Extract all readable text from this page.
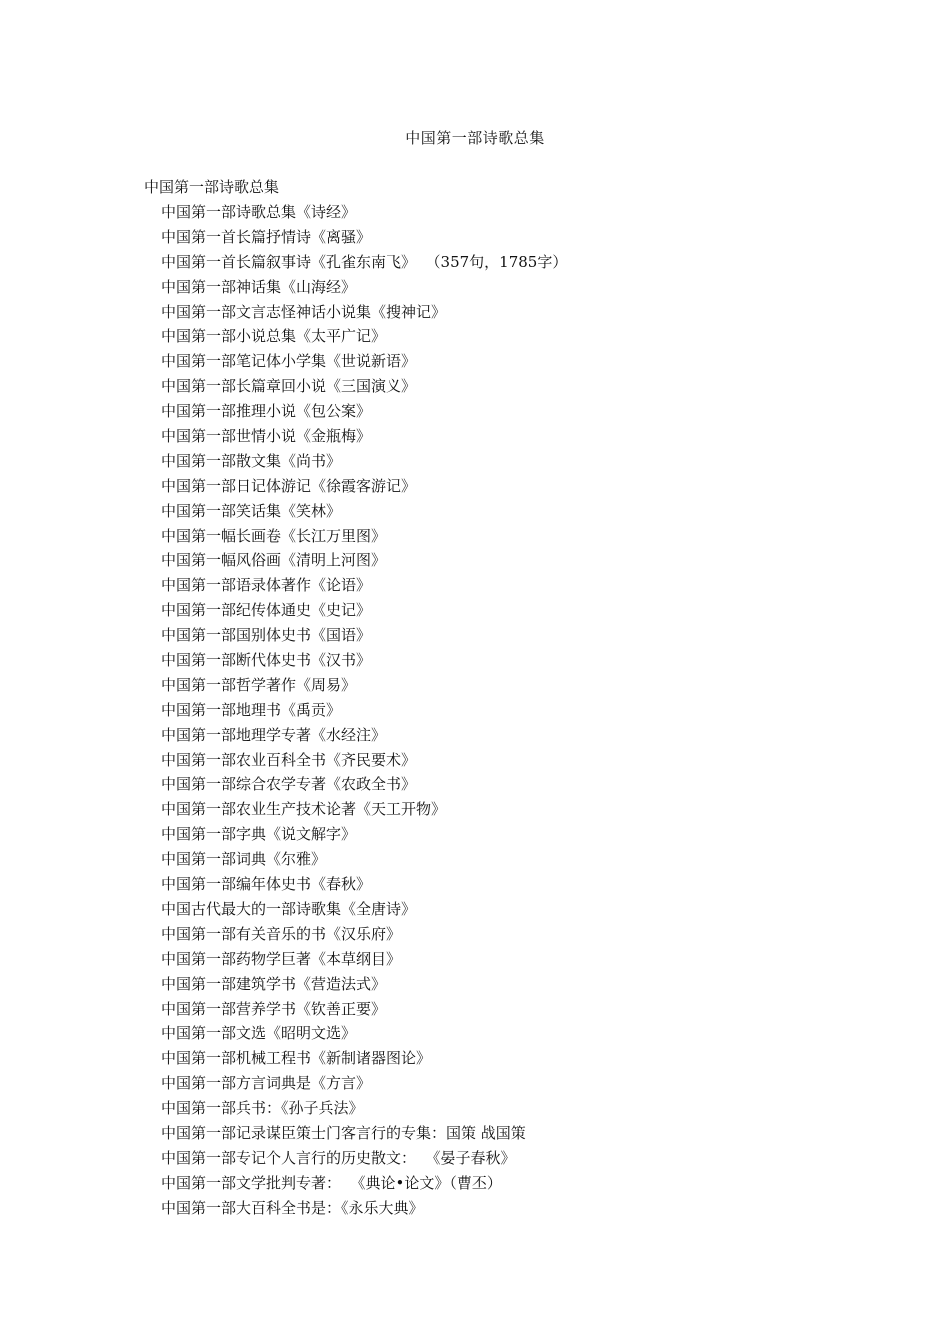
中国第一部诗歌总集
中国第一部诗歌总集
中国第一部诗歌总集《诗经》
中国第一首长篇抒情诗《离骚》
中国第一首长篇叙事诗《孔雀东南飞》  （357句，1785字）
中国第一部神话集《山海经》
中国第一部文言志怪神话小说集《搜神记》
中国第一部小说总集《太平广记》
中国第一部笔记体小学集《世说新语》
中国第一部长篇章回小说《三国演义》
中国第一部推理小说《包公案》
中国第一部世情小说《金瓶梅》
中国第一部散文集《尚书》
中国第一部日记体游记《徐霞客游记》
中国第一部笑话集《笑林》
中国第一幅长画卷《长江万里图》
中国第一幅风俗画《清明上河图》
中国第一部语录体著作《论语》
中国第一部纪传体通史《史记》
中国第一部国别体史书《国语》
中国第一部断代体史书《汉书》
中国第一部哲学著作《周易》
中国第一部地理书《禹贡》
中国第一部地理学专著《水经注》
中国第一部农业百科全书《齐民要术》
中国第一部综合农学专著《农政全书》
中国第一部农业生产技术论著《天工开物》
中国第一部字典《说文解字》
中国第一部词典《尔雅》
中国第一部编年体史书《春秋》
中国古代最大的一部诗歌集《全唐诗》
中国第一部有关音乐的书《汉乐府》
中国第一部药物学巨著《本草纲目》
中国第一部建筑学书《营造法式》
中国第一部营养学书《钦善正要》
中国第一部文选《昭明文选》
中国第一部机械工程书《新制诸器图论》
中国第一部方言词典是《方言》
中国第一部兵书：《孙子兵法》
中国第一部记录谋臣策士门客言行的专集：国策 战国策
中国第一部专记个人言行的历史散文：  《晏子春秋》
中国第一部文学批判专著：  《典论•论文》（曹丕）
中国第一部大百科全书是：《永乐大典》
